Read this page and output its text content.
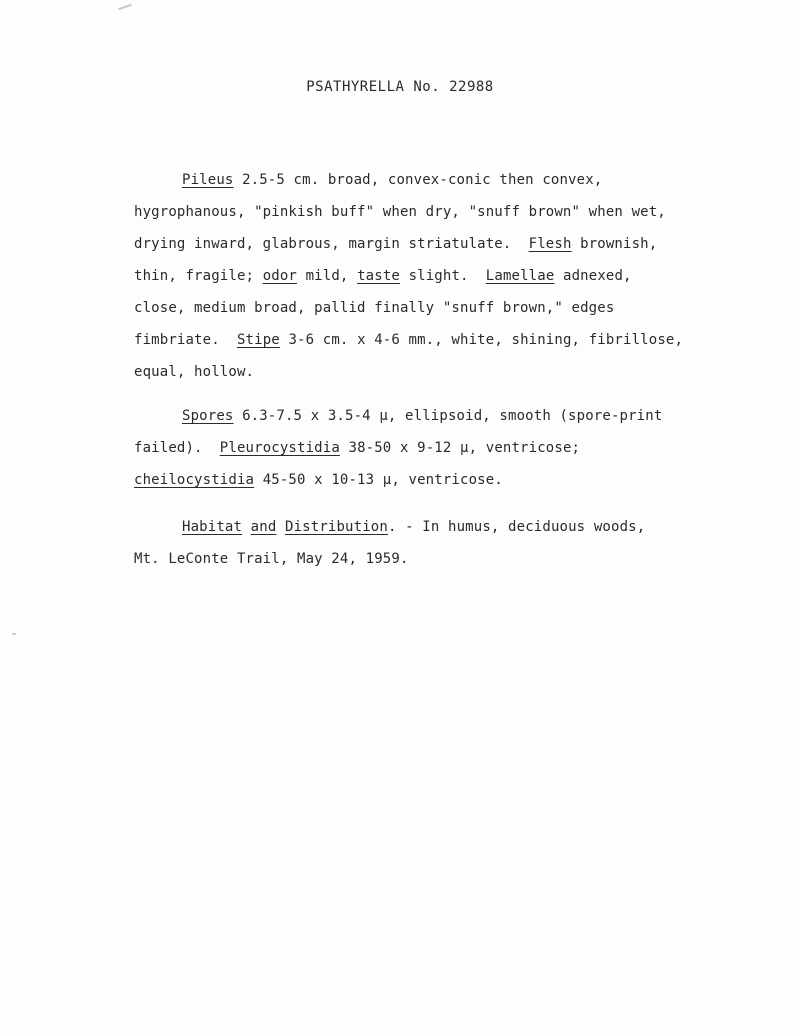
PSATHYRELLA No. 22988
Pileus 2.5-5 cm. broad, convex-conic then convex,
hygrophanous, "pinkish buff" when dry, "snuff brown" when wet,
drying inward, glabrous, margin striatulate.  Flesh brownish,
thin, fragile; odor mild, taste slight.  Lamellae adnexed,
close, medium broad, pallid finally "snuff brown," edges
fimbriate.  Stipe 3-6 cm. x 4-6 mm., white, shining, fibrillose,
equal, hollow.
Spores 6.3-7.5 x 3.5-4 µ, ellipsoid, smooth (spore-print
failed).  Pleurocystidia 38-50 x 9-12 µ, ventricose;
cheilocystidia 45-50 x 10-13 µ, ventricose.
Habitat and Distribution. - In humus, deciduous woods,
Mt. LeConte Trail, May 24, 1959.
